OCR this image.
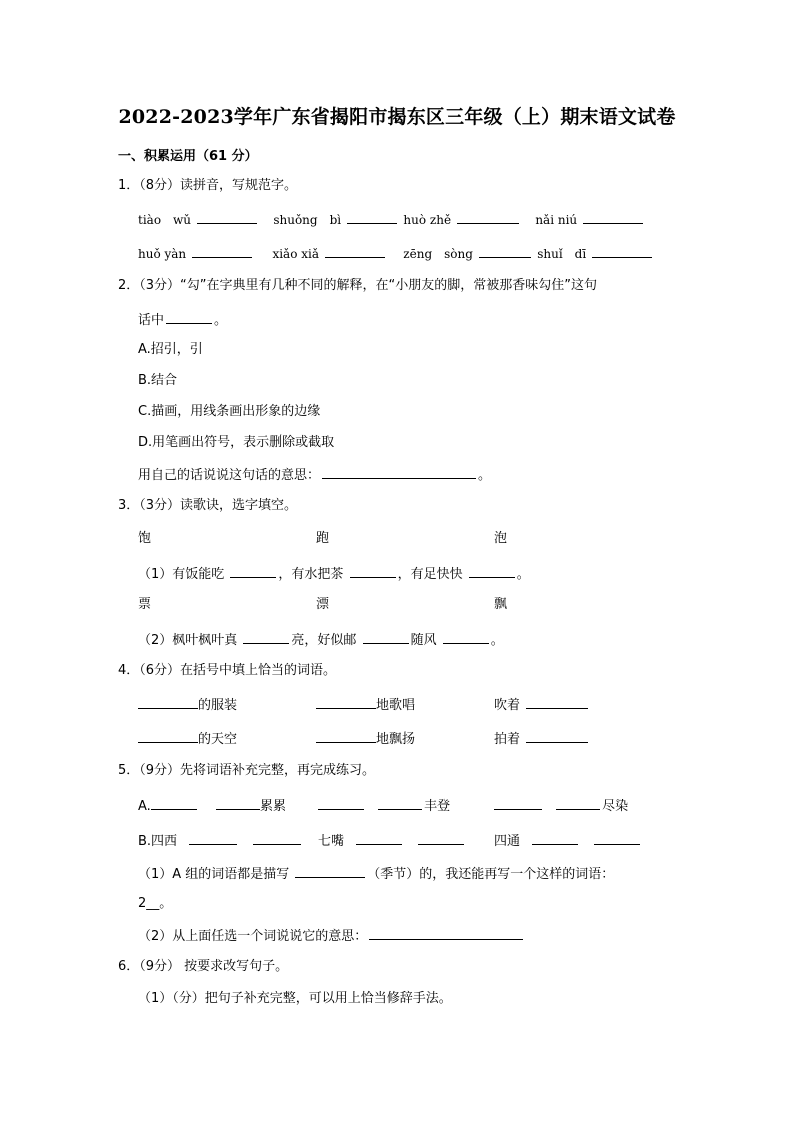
2022-2023学年广东省揭阳市揭东区三年级（上）期末语文试卷
一、积累运用（61 分）
1．（8分）读拼音，写规范字。
tiào　wǔ	shuǒng　bì	huò zhě	nǎi niú
huǒ yàn	xiǎo xiǎ	zēng　sòng	shuǐ　dī
2．（3分）“勾”在字典里有几种不同的解释，在“小朋友的脚，常被那香味勾住”这句
话中	。
A.招引，引
B.结合
C.描画，用线条画出形象的边缘
D.用笔画出符号，表示删除或截取
用自己的话说说这句话的意思：	。
3．（3分）读歌诀，选字填空。
饱	跑	泡
（1）有饭能吃	，有水把茶	，有足快快	。
票	漂	飘
（2）枫叶枫叶真	亮，好似邮	随风	。
4．（6分）在括号中填上恰当的词语。
的服装	地歌唱	吹着
的天空	地飘扬	拍着
5．（9分）先将词语补充完整，再完成练习。
A.	累累	丰登	尽染
B.四西	七嘴	四通
（1）A 组的词语都是描写	（季节）的，我还能再写一个这样的词语：
2__。
（2）从上面任选一个词说说它的意思：
6．（9分） 按要求改写句子。
（1）（分）把句子补充完整，可以用上恰当修辞手法。
